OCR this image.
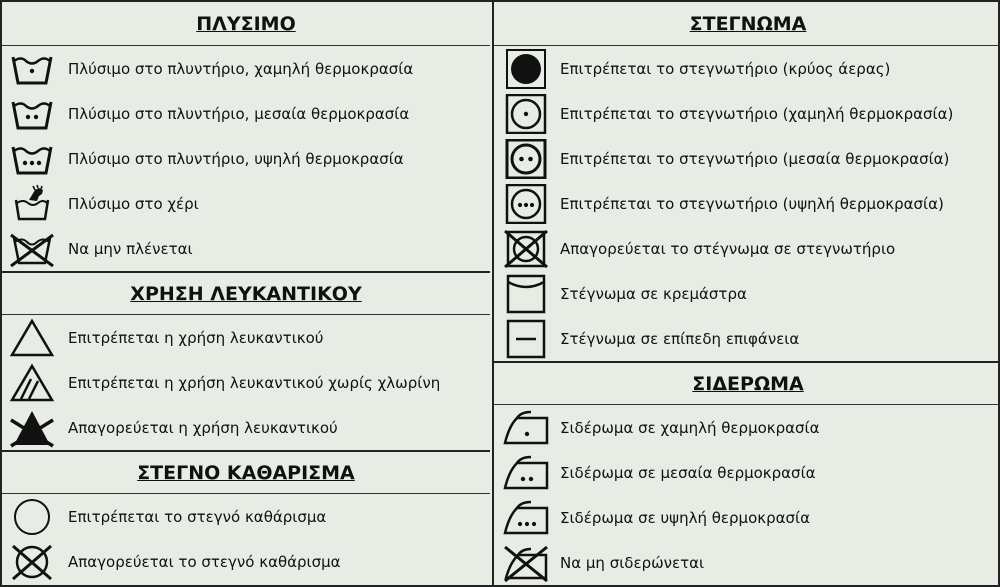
ΠΛΥΣΙΜΟ
Πλύσιμο στο πλυντήριο, χαμηλή θερμοκρασία
Πλύσιμο στο πλυντήριο, μεσαία θερμοκρασία
Πλύσιμο στο πλυντήριο, υψηλή θερμοκρασία
Πλύσιμο στο χέρι
Να μην πλένεται
ΧΡΗΣΗ ΛΕΥΚΑΝΤΙΚΟΥ
Επιτρέπεται η χρήση λευκαντικού
Επιτρέπεται η χρήση λευκαντικού χωρίς χλωρίνη
Απαγορεύεται η χρήση λευκαντικού
ΣΤΕΓΝΟ ΚΑΘΑΡΙΣΜΑ
Επιτρέπεται το στεγνό καθάρισμα
Απαγορεύεται το στεγνό καθάρισμα
ΣΤΕΓΝΩΜΑ
Επιτρέπεται το στεγνωτήριο (κρύος άερας)
Επιτρέπεται το στεγνωτήριο (χαμηλή θερμοκρασία)
Επιτρέπεται το στεγνωτήριο (μεσαία θερμοκρασία)
Επιτρέπεται το στεγνωτήριο (υψηλή θερμοκρασία)
Απαγορεύεται το στέγνωμα σε στεγνωτήριο
Στέγνωμα σε κρεμάστρα
Στέγνωμα σε επίπεδη επιφάνεια
ΣΙΔΕΡΩΜΑ
Σιδέρωμα σε χαμηλή θερμοκρασία
Σιδέρωμα σε μεσαία θερμοκρασία
Σιδέρωμα σε υψηλή θερμοκρασία
Να μη σιδερώνεται
